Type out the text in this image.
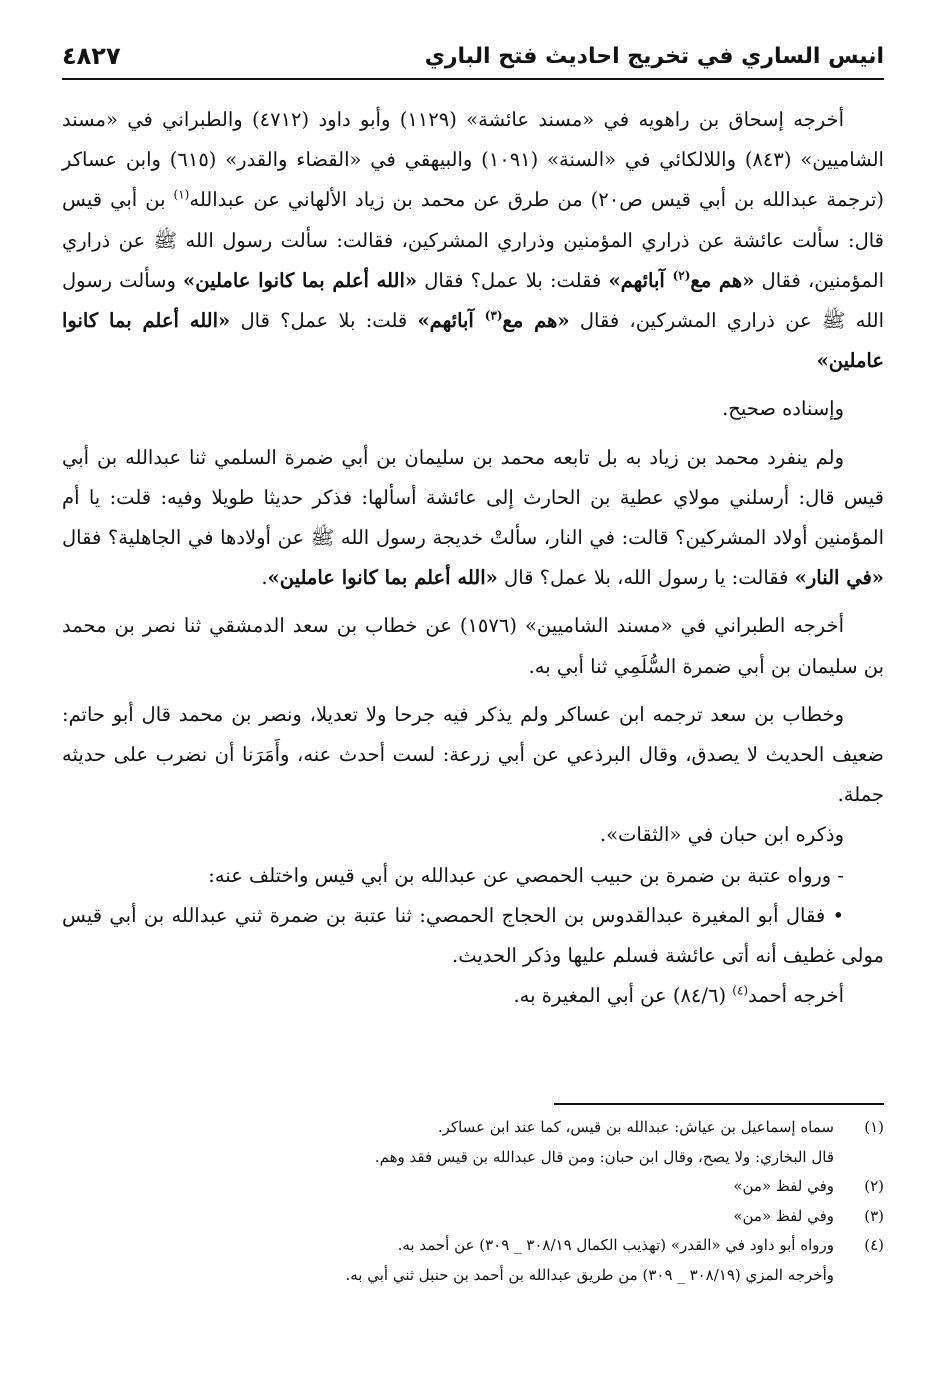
انيس الساري في تخريج احاديث فتح الباري
٤٨٢٧

أخرجه إسحاق بن راهويه في «مسند عائشة» (١١٢٩) وأبو داود (٤٧١٢) والطبراني في «مسند الشاميين» (٨٤٣) واللالكائي في «السنة» (١٠٩١) والبيهقي في «القضاء والقدر» (٦١٥) وابن عساكر (ترجمة عبدالله بن أبي قيس ص٢٠) من طرق عن محمد بن زياد الألهاني عن عبدالله$^{(١)}$ بن أبي قيس قال: سألت عائشة عن ذراري المؤمنين وذراري المشركين، فقالت: سألت رسول الله ﷺ عن ذراري المؤمنين، فقال «هم مع$^{(٢)}$ آبائهم» فقلت: بلا عمل؟ فقال «الله أعلم بما كانوا عاملين» وسألت رسول الله ﷺ عن ذراري المشركين، فقال «هم مع$^{(٣)}$ آبائهم» قلت: بلا عمل؟ قال «الله أعلم بما كانوا عاملين»

وإسناده صحيح.

ولم ينفرد محمد بن زياد به بل تابعه محمد بن سليمان بن أبي ضمرة السلمي ثنا عبدالله بن أبي قيس قال: أرسلني مولاي عطية بن الحارث إلى عائشة أسألها: فذكر حديثا طويلا وفيه: قلت: يا أم المؤمنين أولاد المشركين؟ قالت: في النار، سألتْ خديجة رسول الله ﷺ عن أولادها في الجاهلية؟ فقال «في النار» فقالت: يا رسول الله، بلا عمل؟ قال «الله أعلم بما كانوا عاملين».

أخرجه الطبراني في «مسند الشاميين» (١٥٧٦) عن خطاب بن سعد الدمشقي ثنا نصر بن محمد بن سليمان بن أبي ضمرة السُّلَمِي ثنا أبي به.

وخطاب بن سعد ترجمه ابن عساكر ولم يذكر فيه جرحا ولا تعديلا، ونصر بن محمد قال أبو حاتم: ضعيف الحديث لا يصدق، وقال البرذعي عن أبي زرعة: لست أحدث عنه، وأَمَرَنا أن نضرب على حديثه جملة.

وذكره ابن حبان في «الثقات».

- ورواه عتبة بن ضمرة بن حبيب الحمصي عن عبدالله بن أبي قيس واختلف عنه:

• فقال أبو المغيرة عبدالقدوس بن الحجاج الحمصي: ثنا عتبة بن ضمرة ثني عبدالله بن أبي قيس مولى غطيف أنه أتى عائشة فسلم عليها وذكر الحديث.

أخرجه أحمد$^{(٤)}$ (٨٤/٦) عن أبي المغيرة به.

(١)
سماه إسماعيل بن عياش: عبدالله بن قيس، كما عند ابن عساكر.
قال البخاري: ولا يصح، وقال ابن حبان: ومن قال عبدالله بن قيس فقد وهم.
(٢)
وفي لفظ «من»
(٣)
وفي لفظ «من»
(٤)
ورواه أبو داود في «القدر» (تهذيب الكمال ٣٠٨/١٩ _ ٣٠٩) عن أحمد به.
وأخرجه المزي (٣٠٨/١٩ _ ٣٠٩) من طريق عبدالله بن أحمد بن حنبل ثني أبي به.
